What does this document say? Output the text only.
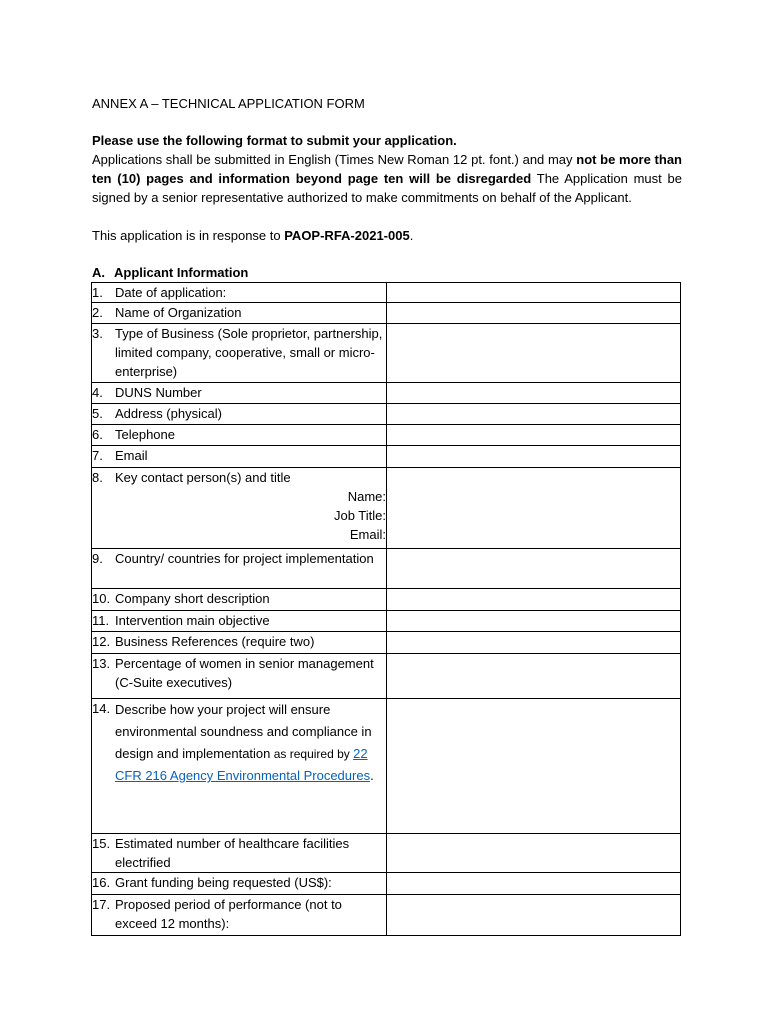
ANNEX A – TECHNICAL APPLICATION FORM
Please use the following format to submit your application.

Applications shall be submitted in English (Times New Roman 12 pt. font.) and may not be more than ten (10) pages and information beyond page ten will be disregarded The Application must be signed by a senior representative authorized to make commitments on behalf of the Applicant.

This application is in response to PAOP-RFA-2021-005.
A. Applicant Information
1. Date of application:	

2. Name of Organization	

3. Type of Business (Sole proprietor, partnership, limited company, cooperative, small or micro-enterprise)	

4. DUNS Number	

5. Address (physical)	

6. Telephone	

7. Email	

8. Key contact person(s) and title
Name:
Job Title:
Email:	

9. Country/ countries for project implementation	

10. Company short description	

11. Intervention main objective	

12. Business References (require two)	

13. Percentage of women in senior management (C-Suite executives)	

14. Describe how your project will ensure environmental soundness and compliance in design and implementation as required by 22 CFR 216 Agency Environmental Procedures.	

15. Estimated number of healthcare facilities electrified	

16. Grant funding being requested (US$):	

17. Proposed period of performance (not to exceed 12 months):	
